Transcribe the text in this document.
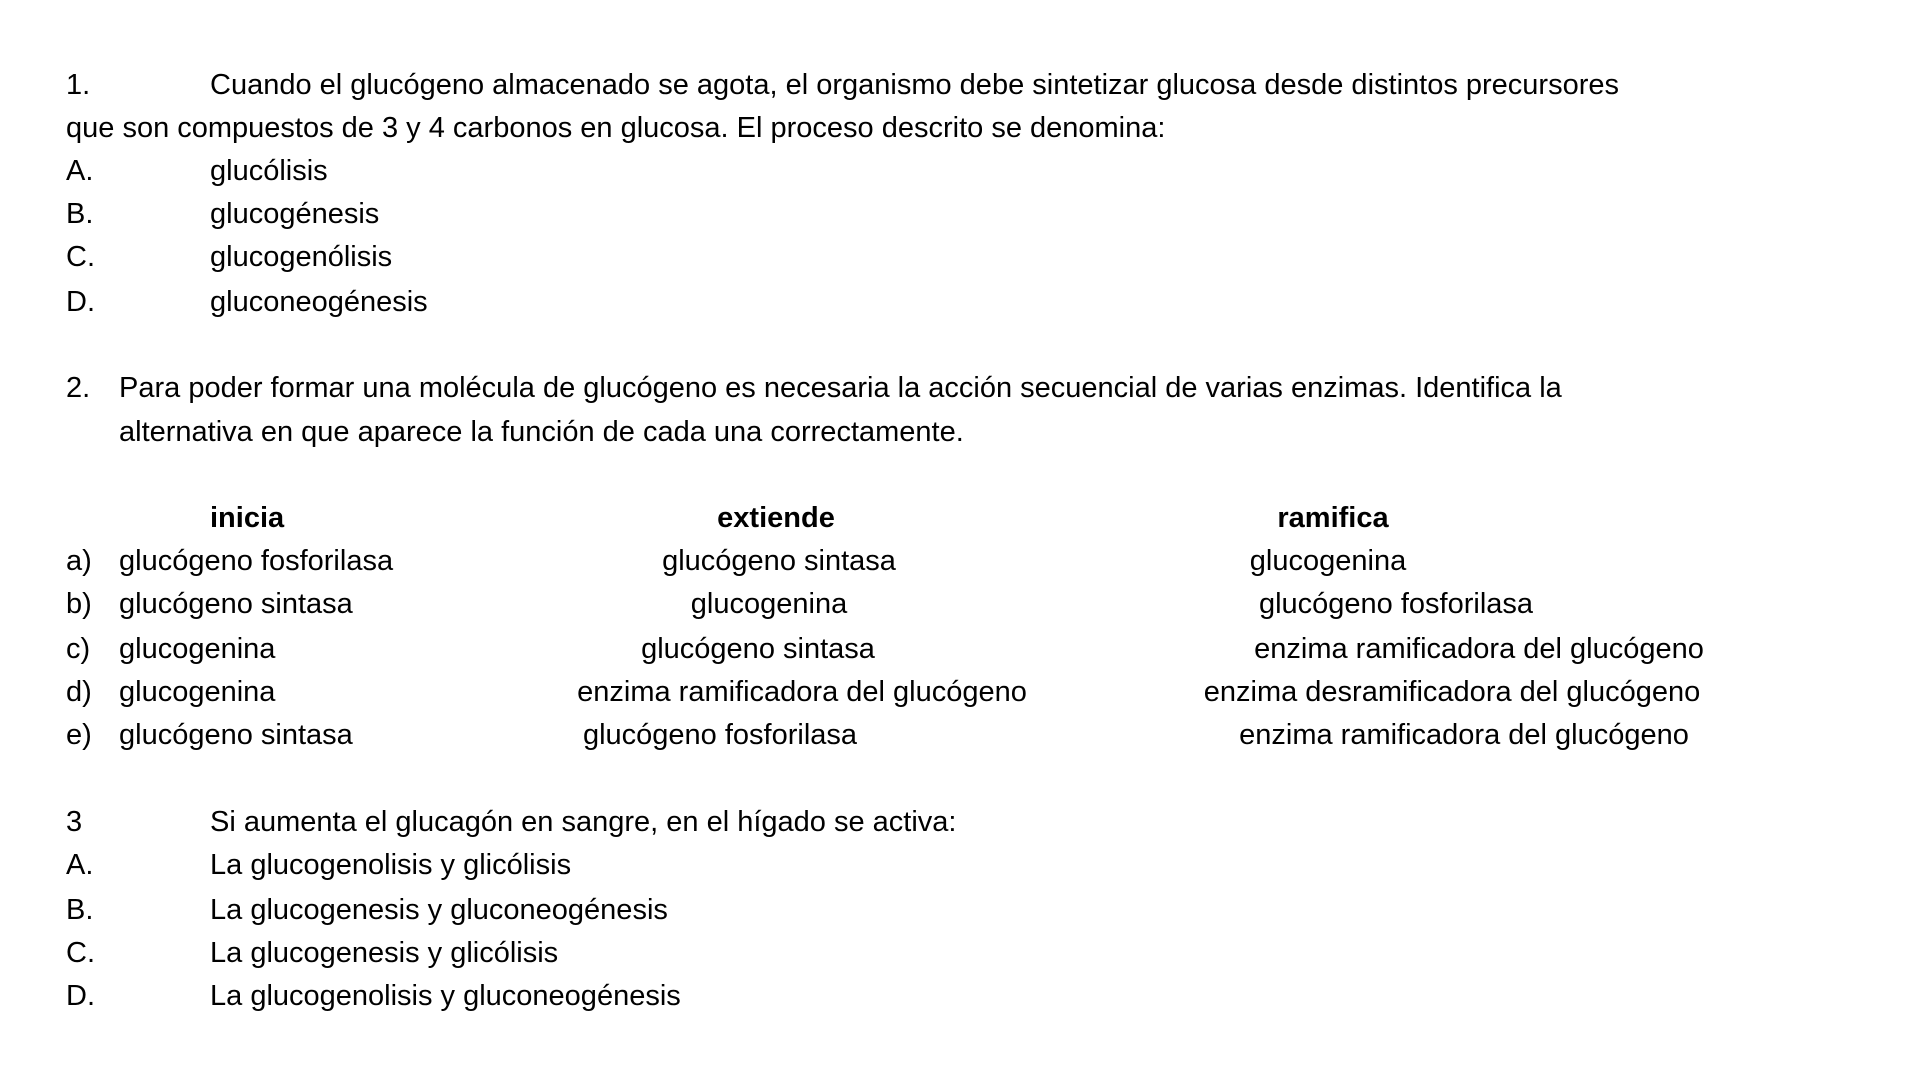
1.	Cuando el glucógeno almacenado se agota, el organismo debe sintetizar glucosa desde distintos precursores
que son compuestos de 3 y 4 carbonos en glucosa. El proceso descrito se denomina:
A.	glucólisis
B.	glucogénesis
C.	glucogenólisis
D.	gluconeogénesis
2. Para poder formar una molécula de glucógeno es necesaria la acción secuencial de varias enzimas. Identifica la
alternativa en que aparece la función de cada una correctamente.
inicia	extiende	ramifica
a) glucógeno fosforilasa	glucógeno sintasa	glucogenina
b) glucógeno sintasa	glucogenina	glucógeno fosforilasa
c) glucogenina	glucógeno sintasa	enzima ramificadora del glucógeno
d) glucogenina	enzima ramificadora del glucógeno	enzima desramificadora del glucógeno
e) glucógeno sintasa	glucógeno fosforilasa	enzima ramificadora del glucógeno
3	Si aumenta el glucagón en sangre, en el hígado se activa:
A.	La glucogenolisis y glicólisis
B.	La glucogenesis y gluconeogénesis
C.	La glucogenesis y glicólisis
D.	La glucogenolisis y gluconeogénesis
